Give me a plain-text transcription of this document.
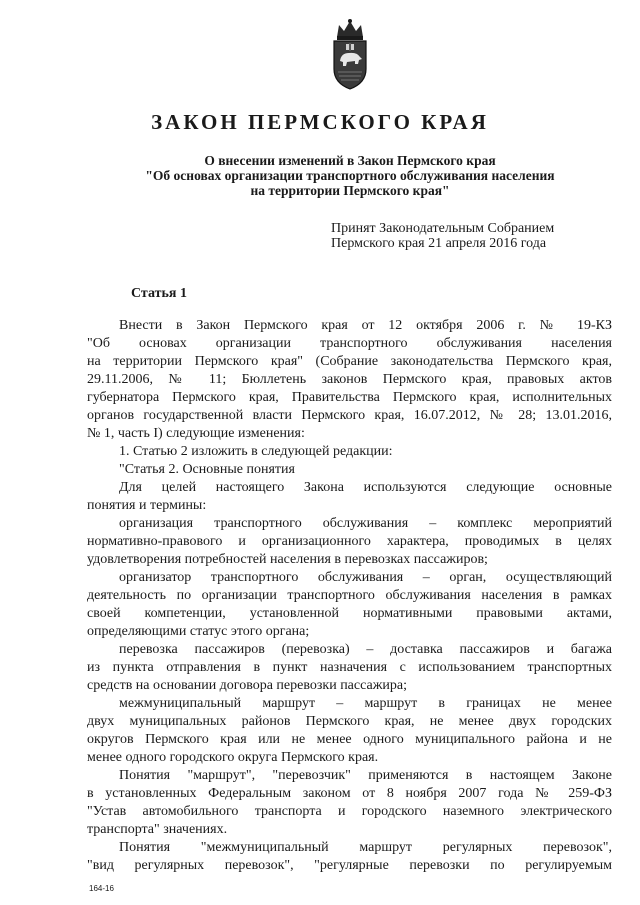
ЗАКОН ПЕРМСКОГО КРАЯ
О внесении изменений в Закон Пермского края
"Об основах организации транспортного обслуживания населения
на территории Пермского края"
Принят Законодательным Собранием
Пермского края 21 апреля 2016 года
Статья 1
Внести в Закон Пермского края от 12 октября 2006 г. № 19-КЗ
"Об основах организации транспортного обслуживания населения
на территории Пермского края" (Собрание законодательства Пермского края,
29.11.2006, № 11; Бюллетень законов Пермского края, правовых актов
губернатора Пермского края, Правительства Пермского края, исполнительных
органов государственной власти Пермского края, 16.07.2012, № 28; 13.01.2016,
№ 1, часть I) следующие изменения:
1. Статью 2 изложить в следующей редакции:
"Статья 2. Основные понятия
Для целей настоящего Закона используются следующие основные
понятия и термины:
организация транспортного обслуживания – комплекс мероприятий
нормативно-правового и организационного характера, проводимых в целях
удовлетворения потребностей населения в перевозках пассажиров;
организатор транспортного обслуживания – орган, осуществляющий
деятельность по организации транспортного обслуживания населения в рамках
своей компетенции, установленной нормативными правовыми актами,
определяющими статус этого органа;
перевозка пассажиров (перевозка) – доставка пассажиров и багажа
из пункта отправления в пункт назначения с использованием транспортных
средств на основании договора перевозки пассажира;
межмуниципальный маршрут – маршрут в границах не менее
двух муниципальных районов Пермского края, не менее двух городских
округов Пермского края или не менее одного муниципального района и не
менее одного городского округа Пермского края.
Понятия "маршрут", "перевозчик" применяются в настоящем Законе
в установленных Федеральным законом от 8 ноября 2007 года № 259-ФЗ
"Устав автомобильного транспорта и городского наземного электрического
транспорта" значениях.
Понятия "межмуниципальный маршрут регулярных перевозок",
"вид регулярных перевозок", "регулярные перевозки по регулируемым
164-16
